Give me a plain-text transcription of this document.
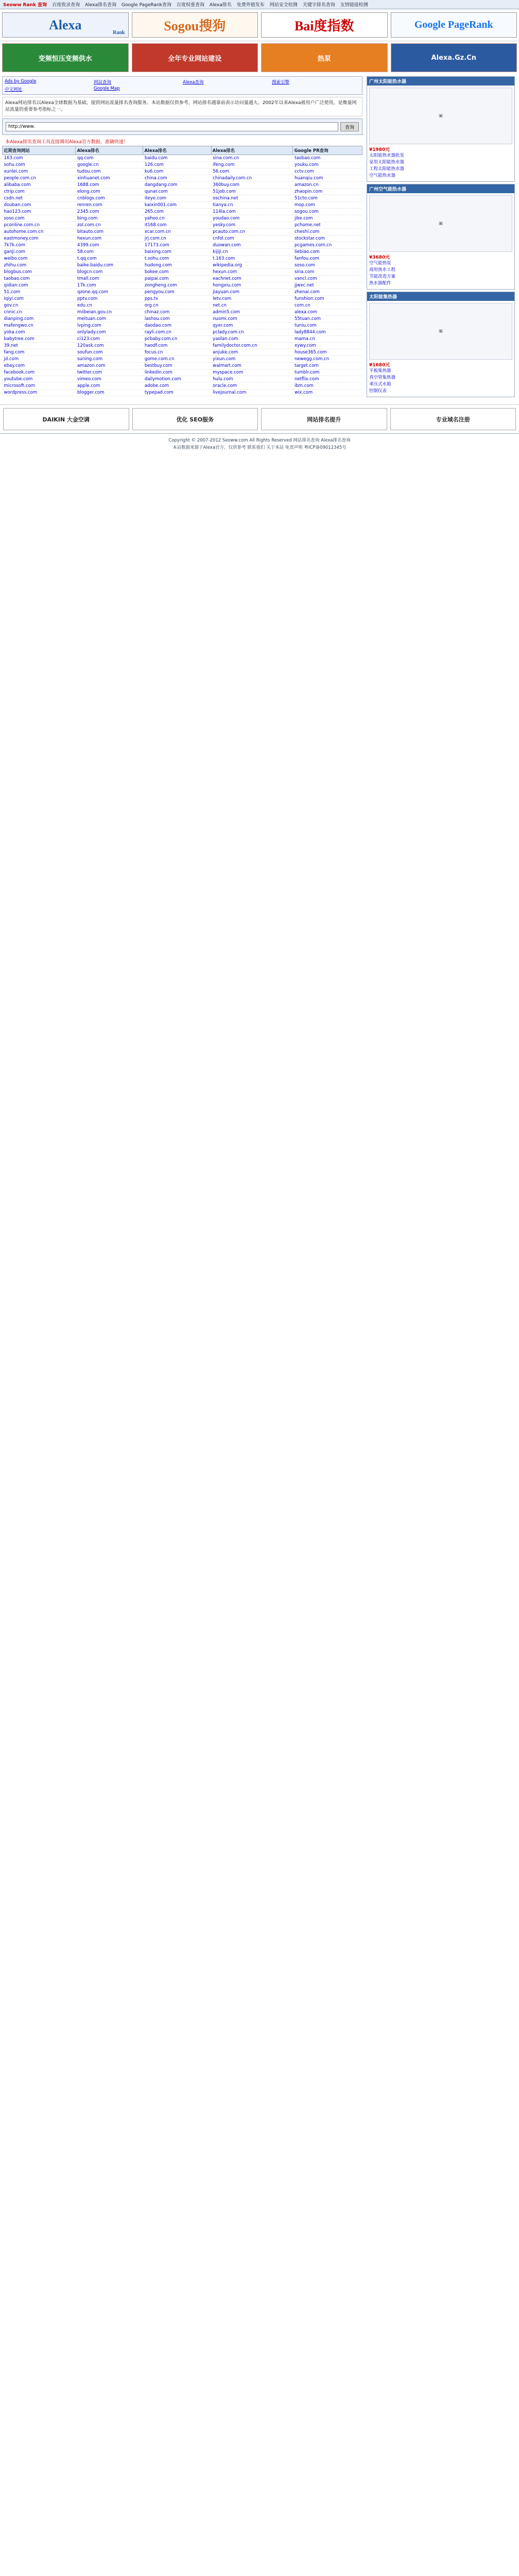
Seoww Rank 查询 百度收录查询 Alexa排名查询 Google PageRank查询 百度权重查询 Alexa排名 免费外链发布 网站安全检测 关键字排名查询 友情链接检测
Alexa
Rank	Sogou搜狗	Bai度指数	Google PageRank
变频恒压变频供水	全年专业网站建设	热泵	Alexa.Gz.Cn
Ads by Google	网站查询	Alexa查询	搜索引擎
中文网址	Google Map
Alexa网站排名以Alexa全球数据为基础，提供网站流量排名查询服务。本站数据仅供参考，网站排名越靠前表示访问量越大。2002年以来Alexa被用户广泛使用，是衡量网站流量的重要参考指标之一。
http://www.
查询
本Alexa排名查询工具直接调用Alexa官方数据，准确快速！
近期查询网站	Alexa排名	Alexa排名	Alexa排名	Google PR查询
163.com	qq.com	baidu.com	sina.com.cn	taobao.com
sohu.com	google.cn	126.com	ifeng.com	youku.com
xunlei.com	tudou.com	ku6.com	56.com	cctv.com
people.com.cn	xinhuanet.com	china.com	chinadaily.com.cn	huanqiu.com
alibaba.com	1688.com	dangdang.com	360buy.com	amazon.cn
ctrip.com	elong.com	qunar.com	51job.com	zhaopin.com
csdn.net	cnblogs.com	iteye.com	oschina.net	51cto.com
douban.com	renren.com	kaixin001.com	tianya.cn	mop.com
hao123.com	2345.com	265.com	114la.com	sogou.com
soso.com	bing.com	yahoo.cn	youdao.com	jike.com
pconline.com.cn	zol.com.cn	it168.com	yesky.com	pchome.net
autohome.com.cn	bitauto.com	xcar.com.cn	pcauto.com.cn	cheshi.com
eastmoney.com	hexun.com	jrj.com.cn	cnfol.com	stockstar.com
7k7k.com	4399.com	17173.com	duowan.com	pcgames.com.cn
ganji.com	58.com	baixing.com	kijiji.cn	liebiao.com
weibo.com	t.qq.com	t.sohu.com	t.163.com	fanfou.com
zhihu.com	baike.baidu.com	hudong.com	wikipedia.org	soso.com
blogbus.com	blogcn.com	bokee.com	hexun.com	sina.com
taobao.com	tmall.com	paipai.com	eachnet.com	vancl.com
qidian.com	17k.com	zongheng.com	hongxiu.com	jjwxc.net
51.com	qzone.qq.com	pengyou.com	jiayuan.com	zhenai.com
iqiyi.com	pptv.com	pps.tv	letv.com	funshion.com
gov.cn	edu.cn	org.cn	net.cn	com.cn
cnnic.cn	miibeian.gov.cn	chinaz.com	admin5.com	alexa.com
dianping.com	meituan.com	lashou.com	nuomi.com	55tuan.com
mafengwo.cn	lvping.com	daodao.com	qyer.com	tuniu.com
yoka.com	onlylady.com	rayli.com.cn	pclady.com.cn	lady8844.com
babytree.com	ci123.com	pcbaby.com.cn	yaolan.com	mama.cn
39.net	120ask.com	haodf.com	familydoctor.com.cn	xywy.com
fang.com	soufun.com	focus.cn	anjuke.com	house365.com
jd.com	suning.com	gome.com.cn	yixun.com	newegg.com.cn
ebay.com	amazon.com	bestbuy.com	walmart.com	target.com
facebook.com	twitter.com	linkedin.com	myspace.com	tumblr.com
youtube.com	vimeo.com	dailymotion.com	hulu.com	netflix.com
microsoft.com	apple.com	adobe.com	oracle.com	ibm.com
wordpress.com	blogger.com	typepad.com	livejournal.com	wix.com
广州太阳能热水器
▣
¥1980元
太阳能热水器批发
家用太阳能热水器
工程太阳能热水器
空气能热水器
广州空气能热水器
▣
¥3680元
空气能热泵
商用热水工程
节能改造方案
热水器配件
太阳能集热器
▣
¥1680元
平板集热器
真空管集热器
承压式水箱
控制仪表
DAIKIN 大金空调	优化 SEO服务	网站排名提升	专业域名注册
Copyright © 2007-2012 Seoww.com All Rights Reserved 网站排名查询 Alexa排名查询
本站数据来源于Alexa官方，仅供参考 联系我们 关于本站 免责声明 粤ICP备09012345号
